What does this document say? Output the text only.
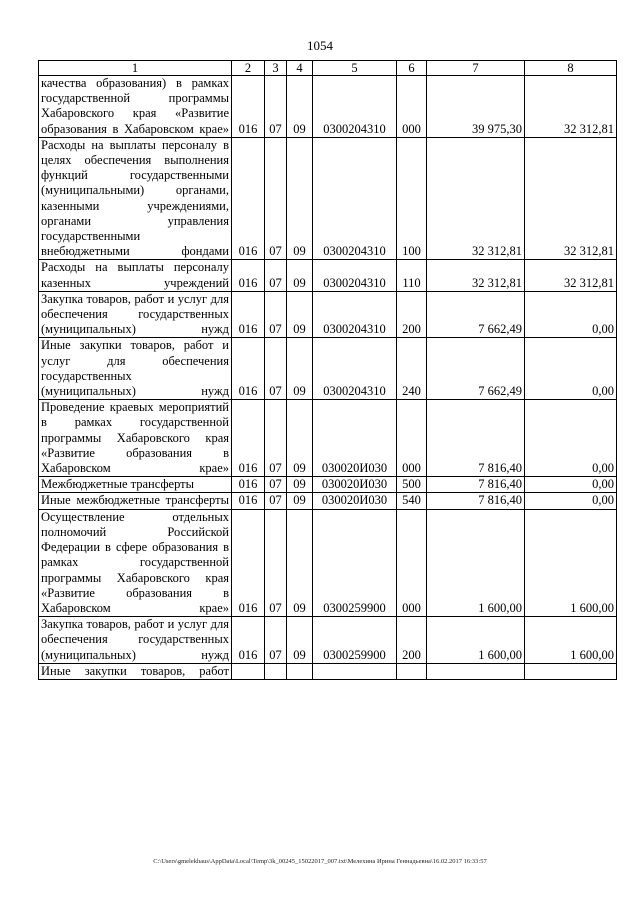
1054
1	2	3	4	5	6	7	8
качества образования) в рамках государственной программы Хабаровского края «Развитие образования в Хабаровском крае»	016	07	09	0300204310	000	39 975,30	32 312,81
Расходы на выплаты персоналу в целях обеспечения выполнения функций государственными (муниципальными) органами, казенными учреждениями, органами управления государственными внебюджетными фондами	016	07	09	0300204310	100	32 312,81	32 312,81
Расходы на выплаты персоналу казенных учреждений	016	07	09	0300204310	110	32 312,81	32 312,81
Закупка товаров, работ и услуг для обеспечения государственных (муниципальных) нужд	016	07	09	0300204310	200	7 662,49	0,00
Иные закупки товаров, работ и услуг для обеспечения государственных (муниципальных) нужд	016	07	09	0300204310	240	7 662,49	0,00
Проведение краевых мероприятий в рамках государственной программы Хабаровского края «Развитие образования в Хабаровском крае»	016	07	09	030020И030	000	7 816,40	0,00
Межбюджетные трансферты	016	07	09	030020И030	500	7 816,40	0,00
Иные межбюджетные трансферты	016	07	09	030020И030	540	7 816,40	0,00
Осуществление отдельных полномочий Российской Федерации в сфере образования в рамках государственной программы Хабаровского края «Развитие образования в Хабаровском крае»	016	07	09	0300259900	000	1 600,00	1 600,00
Закупка товаров, работ и услуг для обеспечения государственных (муниципальных) нужд	016	07	09	0300259900	200	1 600,00	1 600,00
Иные закупки товаров, работ							
C:\Users\gmelekhaus\AppData\Local\Temp\3k_00245_15022017_007.txt\Мелехина Ирина Геннадьевна\16.02.2017 16:33:57
